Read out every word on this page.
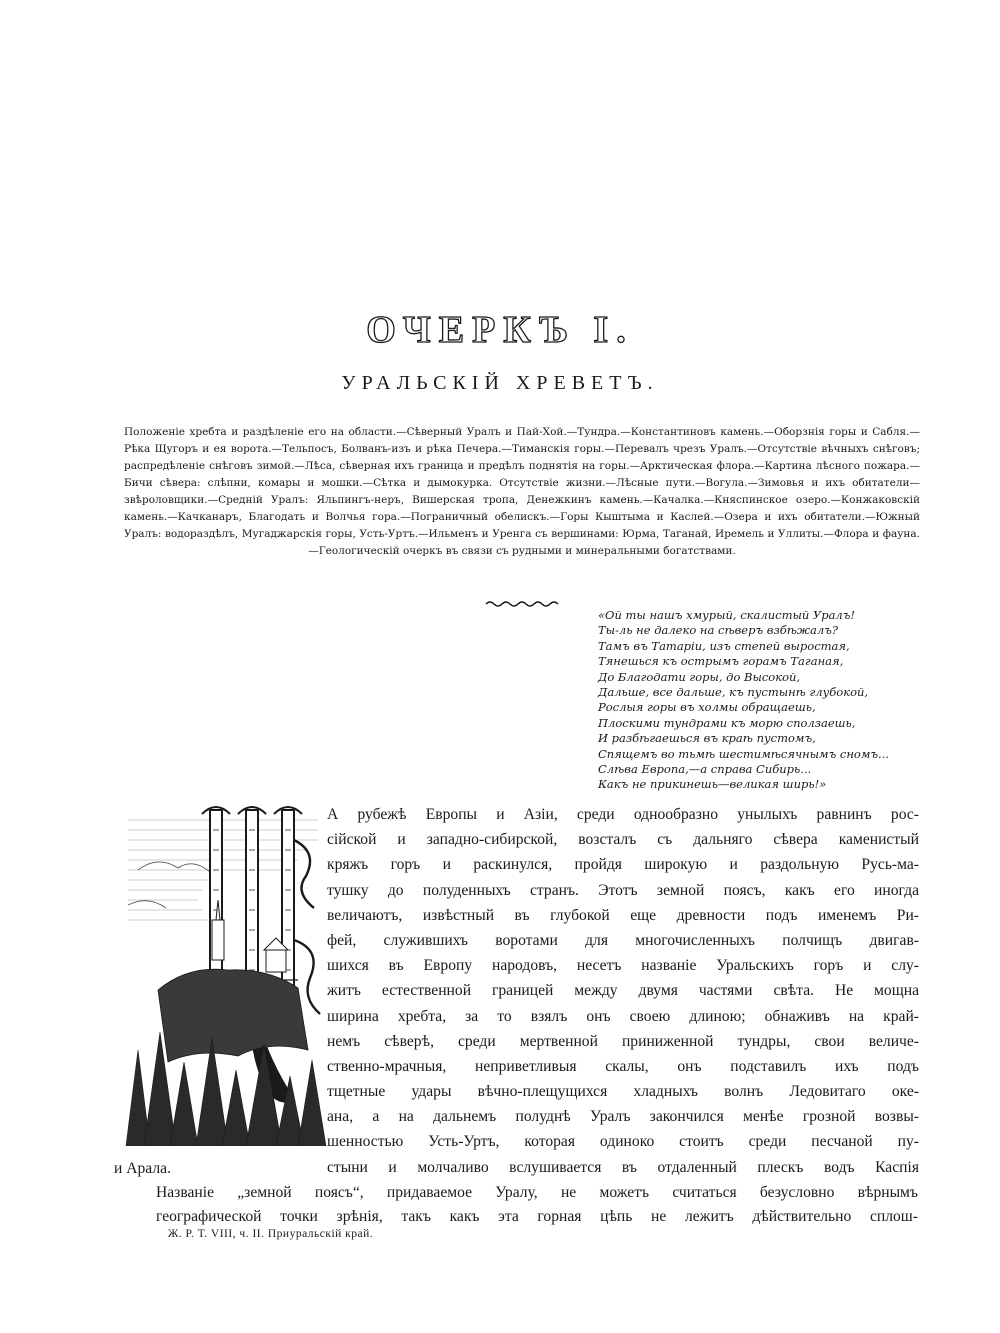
ОЧЕРКЪ I.
УРАЛЬСКІЙ ХРЕВЕТЪ.
Положеніе хребта и раздѣленіе его на области.—Сѣверный Уралъ и Пай-Хой.—Тундра.—Константиновъ камень.—Оборзнія горы и Сабля.—Рѣка Щугоръ и ея ворота.—Тельпосъ, Болванъ-изъ и рѣка Печера.—Тиманскія горы.—Перевалъ чрезъ Уралъ.—Отсутствіе вѣчныхъ снѣговъ; распредѣленіе снѣговъ зимой.—Лѣса, сѣверная ихъ граница и предѣлъ поднятія на горы.—Арктическая флора.—Картина лѣсного пожара.—Бичи сѣвера: слѣпни, комары и мошки.—Сѣтка и дымокурка. Отсутствіе жизни.—Лѣсные пути.—Вогула.—Зимовья и ихъ обитатели—звѣроловщики.—Средній Уралъ: Яльпингъ-неръ, Вишерская тропа, Денежкинъ камень.—Качалка.—Княспинское озеро.—Конжаковскій камень.—Качканаръ, Благодать и Волчья гора.—Пограничный обелискъ.—Горы Кыштыма и Каслей.—Озера и ихъ обитатели.—Южный Уралъ: водораздѣлъ, Мугаджарскія горы, Усть-Уртъ.—Ильменъ и Уренга съ вершинами: Юрма, Таганай, Иремель и Уллиты.—Флора и фауна.—Геологическій очеркъ въ связи съ рудными и минеральными богатствами.
«Ой ты нашъ хмурый, скалистый Уралъ!
Ты-ль не далеко на сѣверъ взбѣжалъ?
Тамъ въ Татаріи, изъ степей выростая,
Тянешься къ острымъ горамъ Таганая,
До Благодати горы, до Высокой,
Дальше, все дальше, къ пустынѣ глубокой,
Рослыя горы въ холмы обращаешь,
Плоскими тундрами къ морю сползаешь,
И разбѣгаешься въ краѣ пустомъ,
Спящемъ во тьмѣ шестимѣсячнымъ сномъ...
Слѣва Европа,—а справа Сибирь...
Какъ не прикинешь—великая ширь!»
А рубежѣ Европы и Азіи, среди однообразно унылыхъ равнинъ рос-
сійской и западно-сибирской, возсталъ съ дальняго сѣвера каменистый
кряжъ горъ и раскинулся, пройдя широкую и раздольную Русь-ма-
тушку до полуденныхъ странъ. Этотъ земной поясъ, какъ его иногда
величаютъ, извѣстный въ глубокой еще древности подъ именемъ Ри-
фей, служившихъ воротами для многочисленныхъ полчищъ двигав-
шихся въ Европу народовъ, несетъ названіе Уральскихъ горъ и слу-
житъ естественной границей между двумя частями свѣта. Не мощна
ширина хребта, за то взялъ онъ своею длиною; обнаживъ на край-
немъ сѣверѣ, среди мертвенной приниженной тундры, свои величе-
ственно-мрачныя, неприветливыя скалы, онъ подставилъ ихъ подъ
тщетные удары вѣчно-плещущихся хладныхъ волнъ Ледовитаго оке-
ана, а на дальнемъ полуднѣ Уралъ закончился менѣе грозной возвы-
шенностью Усть-Уртъ, которая одиноко стоитъ среди песчаной пу-
стыни и молчаливо вслушивается въ отдаленный плескъ водъ Каспія
и Арала.
Названіе „земной поясъ“, придаваемое Уралу, не можетъ считаться безусловно вѣрнымъ
географической точки зрѣнія, такъ какъ эта горная цѣпь не лежитъ дѣйствительно сплош-
Ж. Р. Т. VIII, ч. II. Приуральскій край.
